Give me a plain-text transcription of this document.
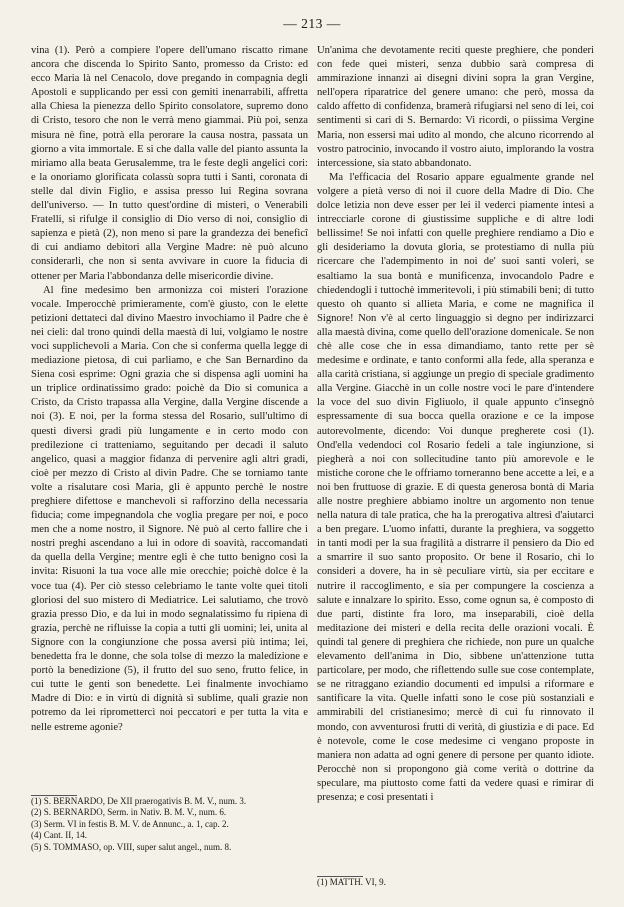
— 213 —

vina (1). Però a compiere l'opere dell'umano riscatto rimane ancora che discenda lo Spirito Santo, promesso da Cristo: ed ecco Maria là nel Cenacolo, dove pregando in compagnia degli Apostoli e supplicando per essi con gemiti inenarrabili, affretta alla Chiesa la pienezza dello Spirito consolatore, supremo dono di Cristo, tesoro che non le verrà meno giammai. Più poi, senza misura nè fine, potrà ella perorare la causa nostra, passata un giorno a vita immortale. E si che dalla valle del pianto assunta la miriamo alla beata Gerusalemme, tra le feste degli angelici cori: e la onoriamo glorificata colassù sopra tutti i Santi, coronata di stelle dal divin Figlio, e assisa presso lui Regina sovrana dell'universo. — In tutto quest'ordine di misteri, o Venerabili Fratelli, si rifulge il consiglio di Dio verso di noi, consiglio di sapienza e pietà (2), non meno si pare la grandezza dei beneficî di cui andiamo debitori alla Vergine Madre: nè può alcuno considerarli, che non si senta avvivare in cuore la fiducia di ottener per Maria l'abbondanza delle misericordie divine.

Al fine medesimo ben armonizza coi misteri l'orazione vocale. Imperocchè primieramente, com'è giusto, con le elette petizioni dettateci dal divino Maestro invochiamo il Padre che è nei cieli: dal trono quindi della maestà di lui, volgiamo le nostre voci supplichevoli a Maria. Con che si conferma quella legge di mediazione pietosa, di cui parliamo, e che San Bernardino da Siena così esprime: Ogni grazia che si dispensa agli uomini ha un triplice ordinatissimo grado: poichè da Dio si comunica a Cristo, da Cristo trapassa alla Vergine, dalla Vergine discende a noi (3). E noi, per la forma stessa del Rosario, sull'ultimo di questi diversi gradi più lungamente e in certo modo con predilezione ci tratteniamo, seguitando per decadi il saluto angelico, quasi a maggior fidanza di pervenire agli altri gradi, cioè per mezzo di Cristo al divin Padre. Che se torniamo tante volte a risalutare così Maria, gli è appunto perchè le nostre preghiere difettose e manchevoli si rafforzino della necessaria fiducia; come impegnandola che voglia pregare per noi, e poco men che a nome nostro, il Signore. Nè può al certo fallire che i nostri preghi ascendano a lui in odore di soavità, raccomandati da quella della Vergine; mentre egli è che tutto benigno così la invita: Risuoni la tua voce alle mie orecchie; poichè dolce è la voce tua (4). Per ciò stesso celebriamo le tante volte quei titoli gloriosi del suo mistero di Mediatrice. Lei salutiamo, che trovò grazia presso Dio, e da lui in modo segnalatissimo fu ripiena di grazia, perchè ne rifluisse la copia a tutti gli uomini; lei, unita al Signore con la congiunzione che possa aversi più intima; lei, benedetta fra le donne, che sola tolse di mezzo la maledizione e portò la benedizione (5), il frutto del suo seno, frutto felice, in cui tutte le genti son benedette. Lei finalmente invochiamo Madre di Dio: e in virtù di dignità sì sublime, quali grazie non potremo da lei ripromettercì noi peccatori e per tutta la vita e nelle estreme agonie?

(1) S. BERNARDO, De XII praerogativis B. M. V., num. 3.
(2) S. BERNARDO, Serm. in Nativ. B. M. V., num. 6.
(3) Serm. VI in festis B. M. V. de Annunc., a. 1, cap. 2.
(4) Cant. II, 14.
(5) S. TOMMASO, op. VIII, super salut angel., num. 8.

Un'anima che devotamente reciti queste preghiere, che ponderi con fede quei misteri, senza dubbio sarà compresa di ammirazione innanzi ai disegni divini sopra la gran Vergine, nell'opera riparatrice del genere umano: che però, mossa da caldo affetto di confidenza, bramerà rifugiarsi nel seno di lei, coi sentimenti sì cari di S. Bernardo: Vi ricordi, o piissima Vergine Maria, non essersi mai udito al mondo, che alcuno ricorrendo al vostro patrocinio, invocando il vostro aiuto, implorando la vostra intercessione, sia stato abbandonato.

Ma l'efficacia del Rosario appare egualmente grande nel volgere a pietà verso di noi il cuore della Madre di Dio. Che dolce letizia non deve esser per lei il vederci piamente intesi a intrecciarle corone di giustissime suppliche e di altre lodi bellissime! Se noi infatti con quelle preghiere rendiamo a Dio e gli desideriamo la dovuta gloria, se protestiamo di nulla più ricercare che l'adempimento in noi de' suoi santi voleri, se esaltiamo la sua bontà e munificenza, invocandolo Padre e chiedendogli i tuttochè immeritevoli, i più stimabili beni; di tutto questo oh quanto si allieta Maria, e come ne magnifica il Signore! Non v'è al certo linguaggio sì degno per indirizzarci alla maestà divina, come quello dell'orazione domenicale. Se non chè alle cose che in essa dimandiamo, tanto rette per sè medesime e ordinate, e tanto conformi alla fede, alla speranza e alla carità cristiana, si aggiunge un pregio di speciale gradimento alla Vergine. Giacchè in un colle nostre voci le pare d'intendere la voce del suo divin Figliuolo, il quale appunto c'insegnò espressamente di sua bocca quella orazione e ce la impose autorevolmente, dicendo: Voi dunque pregherete così (1). Ond'ella vedendoci col Rosario fedeli a tale ingiunzione, si piegherà a noi con sollecitudine tanto più amorevole e le mistiche corone che le offriamo torneranno bene accette a lei, e a noi ben fruttuose di grazie. E di questa generosa bontà di Maria alle nostre preghiere abbiamo inoltre un argomento non tenue nella natura di tale pratica, che ha la prerogativa altresì d'aiutarci a ben pregare. L'uomo infatti, durante la preghiera, va soggetto in tanti modi per la sua fragilità a distrarre il pensiero da Dio ed a smarrire il suo santo proposito. Or bene il Rosario, chi lo consideri a dovere, ha in sè peculiare virtù, sia per eccitare e nutrire il raccoglimento, e sia per compungere la coscienza a salute e innalzare lo spirito. Esso, come ognun sa, è composto di due parti, distinte fra loro, ma inseparabili, cioè della meditazione dei misteri e della recita delle orazioni vocali. È quindi tal genere di preghiera che richiede, non pure un qualche elevamento dell'anima in Dio, sibbene un'attenzione tutta particolare, per modo, che riflettendo sulle sue cose contemplate, se ne ritraggano eziandio documenti ed impulsi a riformare e santificare la vita. Quelle infatti sono le cose più sostanziali e ammirabili del cristianesimo; mercè di cui fu rinnovato il mondo, con avventurosi frutti di verità, di giustizia e di pace. Ed è notevole, come le cose medesime ci vengano proposte in maniera non adatta ad ogni genere di persone per quanto idiote. Perocchè non si propongono già come verità o dottrine da speculare, ma piuttosto come fatti da vedere quasi e rimirar di presenza; e così presentati i

(1) MATTH. VI, 9.
